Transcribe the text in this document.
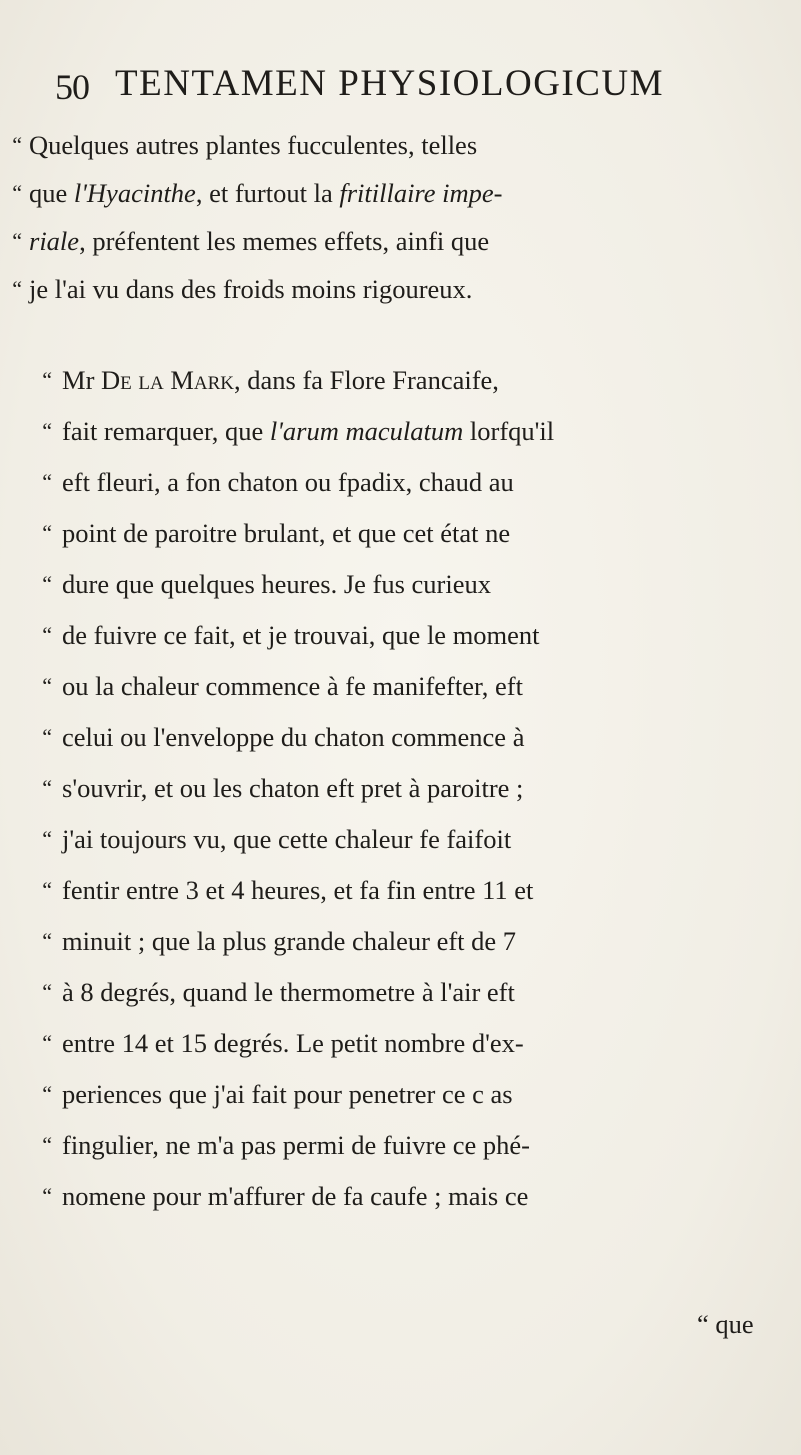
50 TENTAMEN PHYSIOLOGICUM
“ Quelques autres plantes fucculentes, telles
“ que l'Hyacinthe, et furtout la fritillaire impe-
“ riale, préfentent les memes effets, ainfi que
“ je l'ai vu dans des froids moins rigoureux.
“ Mr De la Mark, dans fa Flore Francaife,
“ fait remarquer, que l'arum maculatum lorfqu'il
“ eft fleuri, a fon chaton ou fpadix, chaud au
“ point de paroitre brulant, et que cet état ne
“ dure que quelques heures. Je fus curieux
“ de fuivre ce fait, et je trouvai, que le moment
“ ou la chaleur commence à fe manifefter, eft
“ celui ou l'enveloppe du chaton commence à
“ s'ouvrir, et ou les chaton eft pret à paroitre ;
“ j'ai toujours vu, que cette chaleur fe faifoit
“ fentir entre 3 et 4 heures, et fa fin entre 11 et
“ minuit ; que la plus grande chaleur eft de 7
“ à 8 degrés, quand le thermometre à l'air eft
“ entre 14 et 15 degrés. Le petit nombre d'ex-
“ periences que j'ai fait pour penetrer ce c as
“ fingulier, ne m'a pas permi de fuivre ce phé-
“ nomene pour m'affurer de fa caufe ; mais ce
“ que
